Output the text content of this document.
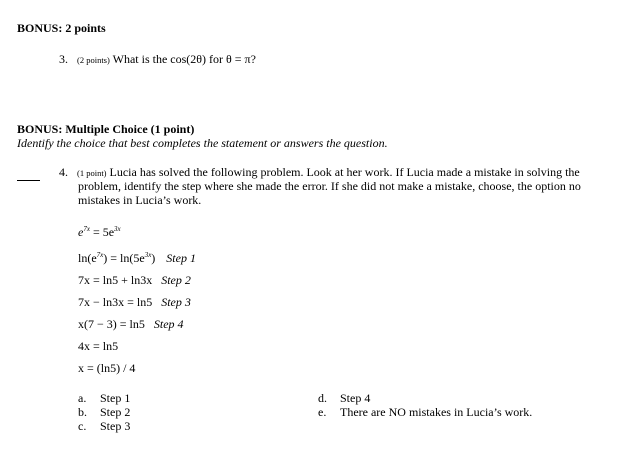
BONUS: 2 points
3. (2 points) What is the cos(2θ) for θ = π?
BONUS: Multiple Choice (1 point)
Identify the choice that best completes the statement or answers the question.
4. (1 point) Lucia has solved the following problem. Look at her work. If Lucia made a mistake in solving the
problem, identify the step where she made the error. If she did not make a mistake, choose, the option no
mistakes in Lucia’s work.
$e^{7x} = 5e^{3x}$
$\ln(e^{7x}) = \ln(5e^{3x})$ Step 1
7x = ln5 + ln3x Step 2
7x − ln3x = ln5 Step 3
x(7 − 3) = ln5 Step 4
4x = ln5
x = (ln5) / 4
a. Step 1
b. Step 2
c. Step 3
d. Step 4
e. There are NO mistakes in Lucia’s work.
